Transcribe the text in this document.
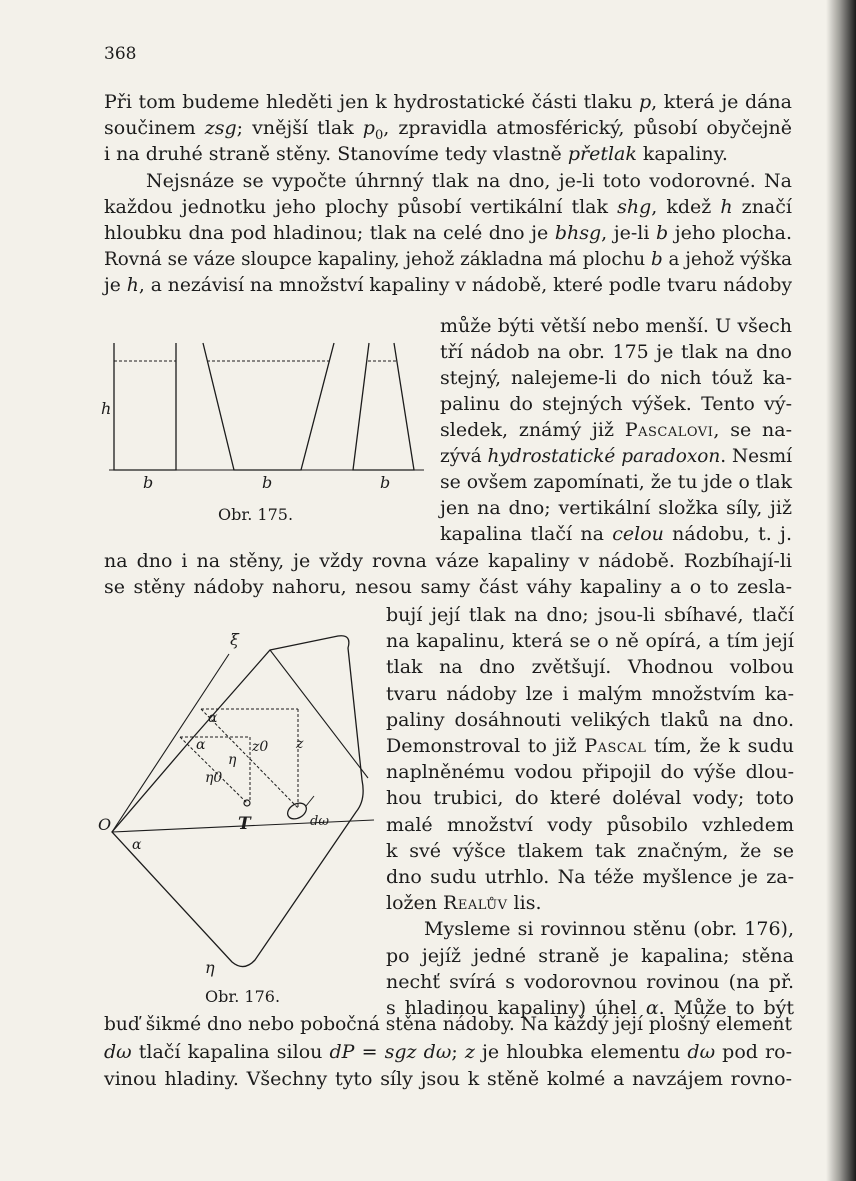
368
Při tom budeme hleděti jen k hydrostatické části tlaku p, která je dána
součinem zsg; vnější tlak $p_0$, zpravidla atmosférický, působí obyčejně
i na druhé straně stěny. Stanovíme tedy vlastně přetlak kapaliny.
Nejsnáze se vypočte úhrnný tlak na dno, je-li toto vodorovné. Na
každou jednotku jeho plochy působí vertikální tlak shg, kdež h značí
hloubku dna pod hladinou; tlak na celé dno je bhsg, je-li b jeho plocha.
Rovná se váze sloupce kapaliny, jehož základna má plochu b a jehož výška
je h, a nezávisí na množství kapaliny v nádobě, které podle tvaru nádoby
může býti větší nebo menší. U všech
tří nádob na obr. 175 je tlak na dno
stejný, nalejeme-li do nich tóuž ka-
palinu do stejných výšek. Tento vý-
sledek, známý již Pascalovi, se na-
zývá hydrostatické paradoxon. Nesmí
se ovšem zapomínati, že tu jde o tlak
jen na dno; vertikální složka síly, již
kapalina tlačí na celou nádobu, t. j.
na dno i na stěny, je vždy rovna váze kapaliny v nádobě. Rozbíhají-li
se stěny nádoby nahoru, nesou samy část váhy kapaliny a o to zesla-
bují její tlak na dno; jsou-li sbíhavé, tlačí
na kapalinu, která se o ně opírá, a tím její
tlak na dno zvětšují. Vhodnou volbou
tvaru nádoby lze i malým množstvím ka-
paliny dosáhnouti velikých tlaků na dno.
Demonstroval to již Pascal tím, že k sudu
naplněnému vodou připojil do výše dlou-
hou trubici, do které doléval vody; toto
malé množství vody působilo vzhledem
k své výšce tlakem tak značným, že se
dno sudu utrhlo. Na téže myšlence je za-
ložen Realův lis.
Mysleme si rovinnou stěnu (obr. 176),
po jejíž jedné straně je kapalina; stěna
nechť svírá s vodorovnou rovinou (na př.
s hladinou kapaliny) úhel α. Může to být
buď šikmé dno nebo pobočná stěna nádoby. Na každý její plošný element
dω tlačí kapalina silou dP = sgz dω; z je hloubka elementu dω pod ro-
vinou hladiny. Všechny tyto síly jsou k stěně kolmé a navzájem rovno-
h
b	b	b
Obr. 175.
ξ
α
α
η
z0 z
η0
T	dω
O
α
η
Obr. 176.
